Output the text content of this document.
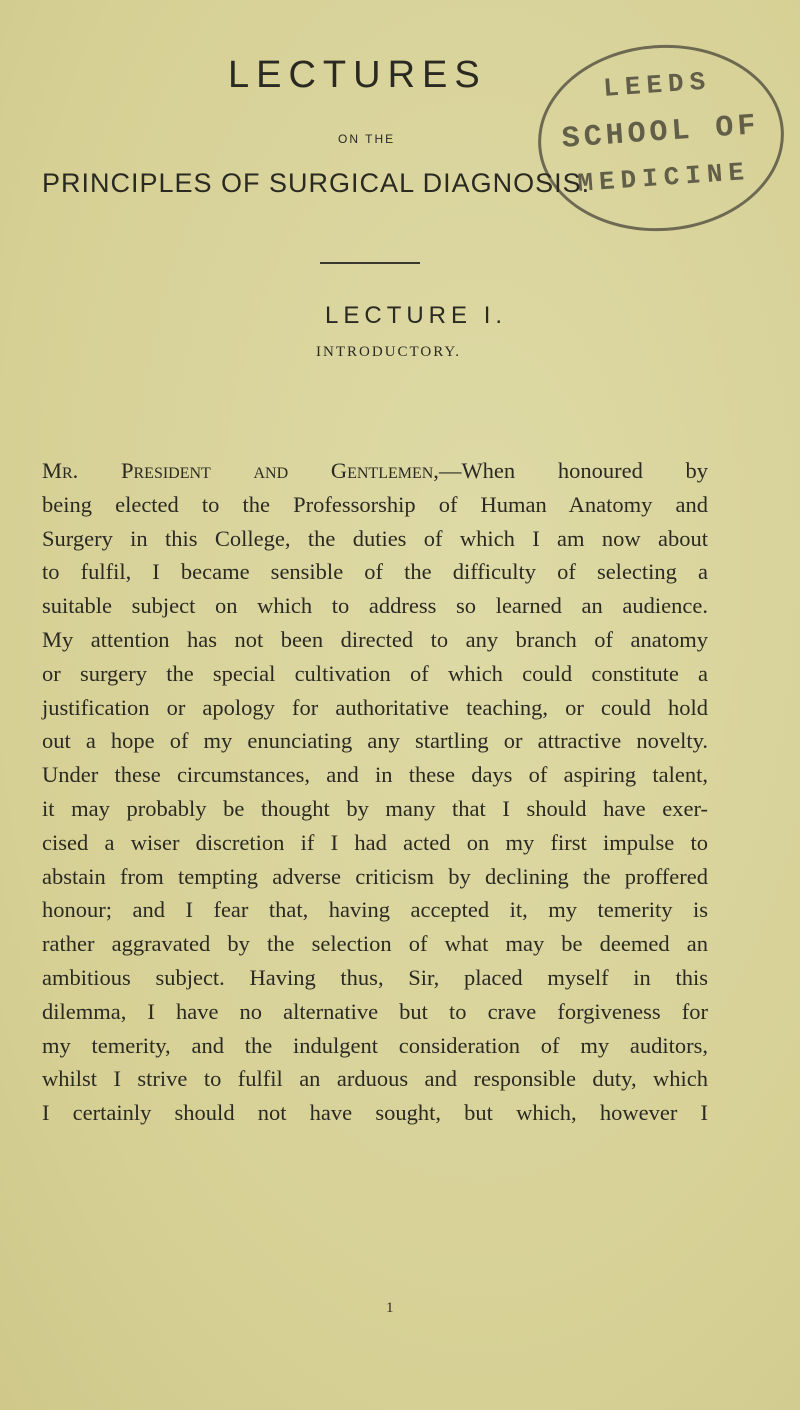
LEEDS
SCHOOL OF
MEDICINE
LECTURES
ON THE
PRINCIPLES OF SURGICAL DIAGNOSIS.
LECTURE I.
INTRODUCTORY.
Mr. President and Gentlemen,—When honoured by
being elected to the Professorship of Human Anatomy and
Surgery in this College, the duties of which I am now about
to fulfil, I became sensible of the difficulty of selecting a
suitable subject on which to address so learned an audience.
My attention has not been directed to any branch of anatomy
or surgery the special cultivation of which could constitute a
justification or apology for authoritative teaching, or could hold
out a hope of my enunciating any startling or attractive novelty.
Under these circumstances, and in these days of aspiring talent,
it may probably be thought by many that I should have exer-
cised a wiser discretion if I had acted on my first impulse to
abstain from tempting adverse criticism by declining the proffered
honour; and I fear that, having accepted it, my temerity is
rather aggravated by the selection of what may be deemed an
ambitious subject. Having thus, Sir, placed myself in this
dilemma, I have no alternative but to crave forgiveness for
my temerity, and the indulgent consideration of my auditors,
whilst I strive to fulfil an arduous and responsible duty, which
I certainly should not have sought, but which, however I
1
